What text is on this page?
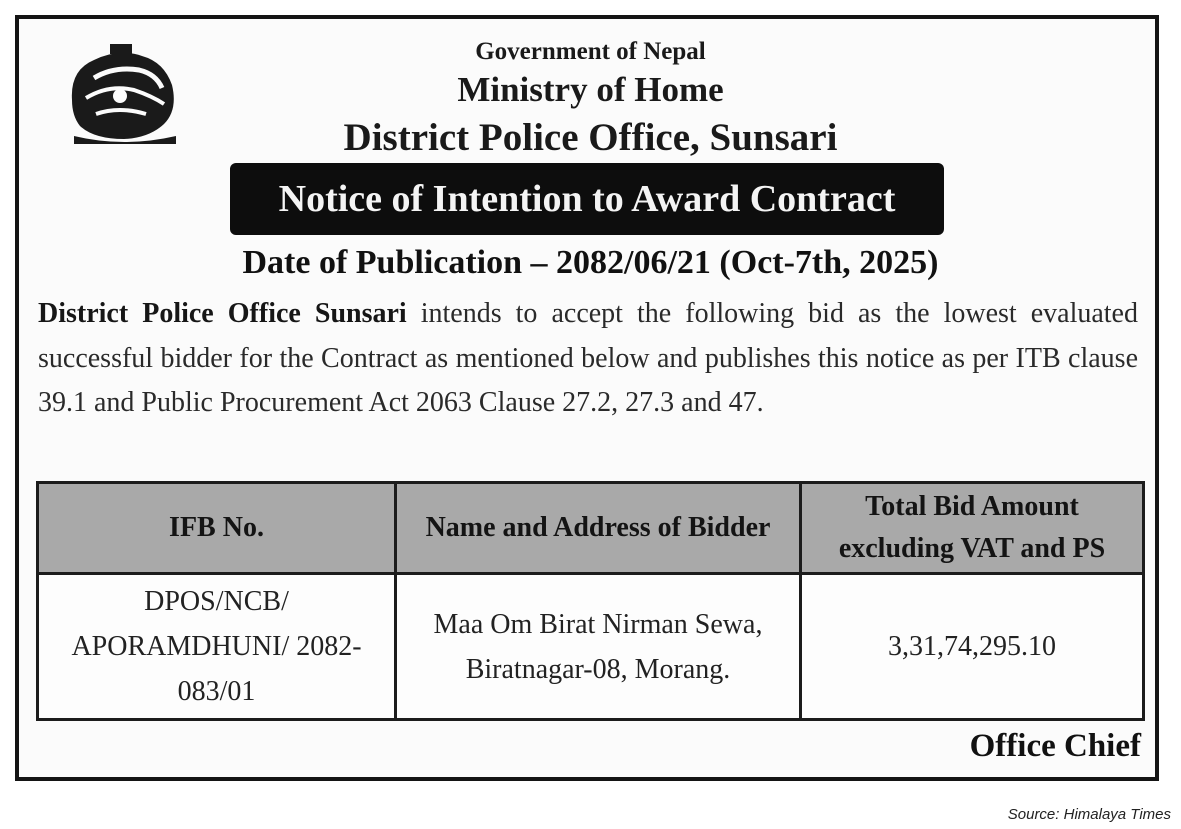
Government of Nepal
Ministry of Home
District Police Office, Sunsari
Notice of Intention to Award Contract
Date of Publication – 2082/06/21 (Oct-7th, 2025)
District Police Office Sunsari intends to accept the following bid as the lowest evaluated successful bidder for the Contract as mentioned below and publishes this notice as per ITB clause 39.1 and Public Procurement Act 2063 Clause 27.2, 27.3 and 47.
IFB No.	Name and Address of Bidder	Total Bid Amount excluding VAT and PS
DPOS/NCB/ APORAMDHUNI/ 2082-083/01	Maa Om Birat Nirman Sewa, Biratnagar-08, Morang.	3,31,74,295.10
Office Chief
Source: Himalaya Times
